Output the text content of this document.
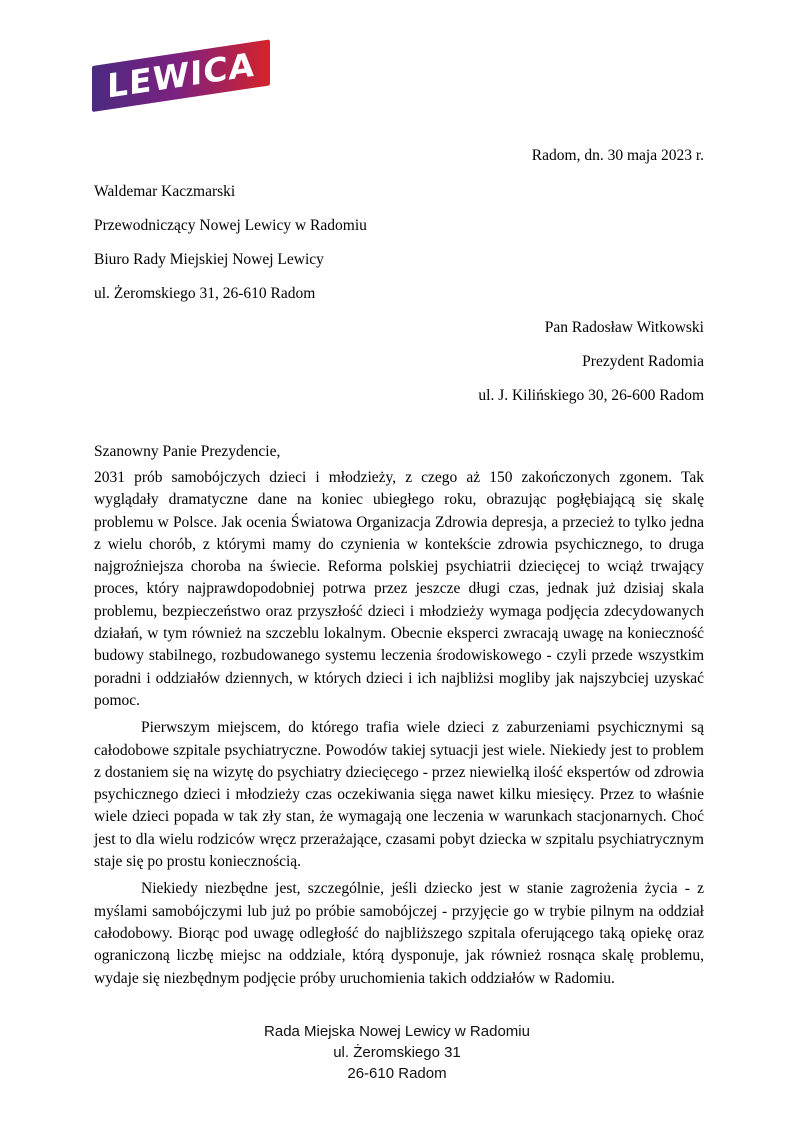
LEWICA
Radom, dn. 30 maja 2023 r.
Waldemar Kaczmarski
Przewodniczący Nowej Lewicy w Radomiu
Biuro Rady Miejskiej Nowej Lewicy
ul. Żeromskiego 31, 26-610 Radom
Pan Radosław Witkowski
Prezydent Radomia
ul. J. Kilińskiego 30, 26-600 Radom
Szanowny Panie Prezydencie,

2031 prób samobójczych dzieci i młodzieży, z czego aż 150 zakończonych zgonem. Tak wyglądały dramatyczne dane na koniec ubiegłego roku, obrazując pogłębiającą się skalę problemu w Polsce. Jak ocenia Światowa Organizacja Zdrowia depresja, a przecież to tylko jedna z wielu chorób, z którymi mamy do czynienia w kontekście zdrowia psychicznego, to druga najgroźniejsza choroba na świecie. Reforma polskiej psychiatrii dziecięcej to wciąż trwający proces, który najprawdopodobniej potrwa przez jeszcze długi czas, jednak już dzisiaj skala problemu, bezpieczeństwo oraz przyszłość dzieci i młodzieży wymaga podjęcia zdecydowanych działań, w tym również na szczeblu lokalnym. Obecnie eksperci zwracają uwagę na konieczność budowy stabilnego, rozbudowanego systemu leczenia środowiskowego - czyli przede wszystkim poradni i oddziałów dziennych, w których dzieci i ich najbliżsi mogliby jak najszybciej uzyskać pomoc.

Pierwszym miejscem, do którego trafia wiele dzieci z zaburzeniami psychicznymi są całodobowe szpitale psychiatryczne. Powodów takiej sytuacji jest wiele. Niekiedy jest to problem z dostaniem się na wizytę do psychiatry dziecięcego - przez niewielką ilość ekspertów od zdrowia psychicznego dzieci i młodzieży czas oczekiwania sięga nawet kilku miesięcy. Przez to właśnie wiele dzieci popada w tak zły stan, że wymagają one leczenia w warunkach stacjonarnych. Choć jest to dla wielu rodziców wręcz przerażające, czasami pobyt dziecka w szpitalu psychiatrycznym staje się po prostu koniecznością.

Niekiedy niezbędne jest, szczególnie, jeśli dziecko jest w stanie zagrożenia życia - z myślami samobójczymi lub już po próbie samobójczej - przyjęcie go w trybie pilnym na oddział całodobowy. Biorąc pod uwagę odległość do najbliższego szpitala oferującego taką opiekę oraz ograniczoną liczbę miejsc na oddziale, którą dysponuje, jak również rosnąca skalę problemu, wydaje się niezbędnym podjęcie próby uruchomienia takich oddziałów w Radomiu.

Rada Miejska Nowej Lewicy w Radomiu
ul. Żeromskiego 31
26-610 Radom
